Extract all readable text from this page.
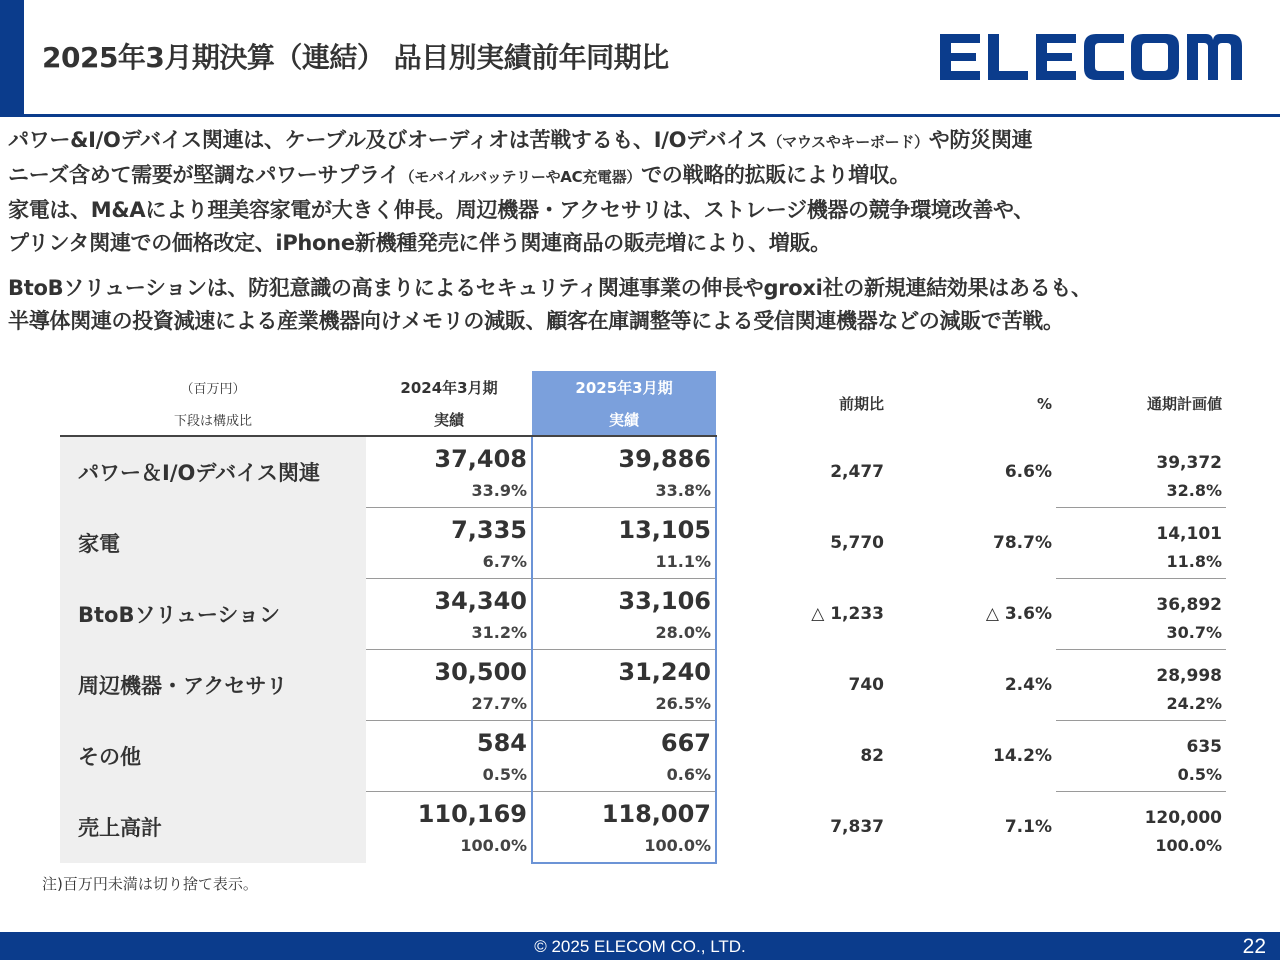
2025年3月期決算（連結） 品目別実績前年同期比

パワー&I/Oデバイス関連は、ケーブル及びオーディオは苦戦するも、I/Oデバイス（マウスやキーボード）や防災関連

ニーズ含めて需要が堅調なパワーサプライ（モバイルバッテリーやAC充電器）での戦略的拡販により増収。

家電は、M&Aにより理美容家電が大きく伸長。周辺機器・アクセサリは、ストレージ機器の競争環境改善や、

プリンタ関連での価格改定、iPhone新機種発売に伴う関連商品の販売増により、増販。

BtoBソリューションは、防犯意識の高まりによるセキュリティ関連事業の伸長やgroxi社の新規連結効果はあるも、

半導体関連の投資減速による産業機器向けメモリの減販、顧客在庫調整等による受信関連機器などの減販で苦戦。

（百万円）	2024年3月期	2025年3月期	前期比	%	通期計画値
下段は構成比	実績	実績			
パワー＆I/Oデバイス関連	37,408	39,886	2,477	6.6%	39,372
	33.9%	33.8%			32.8%
家電	7,335	13,105	5,770	78.7%	14,101
	6.7%	11.1%			11.8%
BtoBソリューション	34,340	33,106	△ 1,233	△ 3.6%	36,892
	31.2%	28.0%			30.7%
周辺機器・アクセサリ	30,500	31,240	740	2.4%	28,998
	27.7%	26.5%			24.2%
その他	584	667	82	14.2%	635
	0.5%	0.6%			0.5%
売上高計	110,169	118,007	7,837	7.1%	120,000
	100.0%	100.0%			100.0%
注)百万円未満は切り捨て表示。
© 2025 ELECOM CO., LTD.	22
